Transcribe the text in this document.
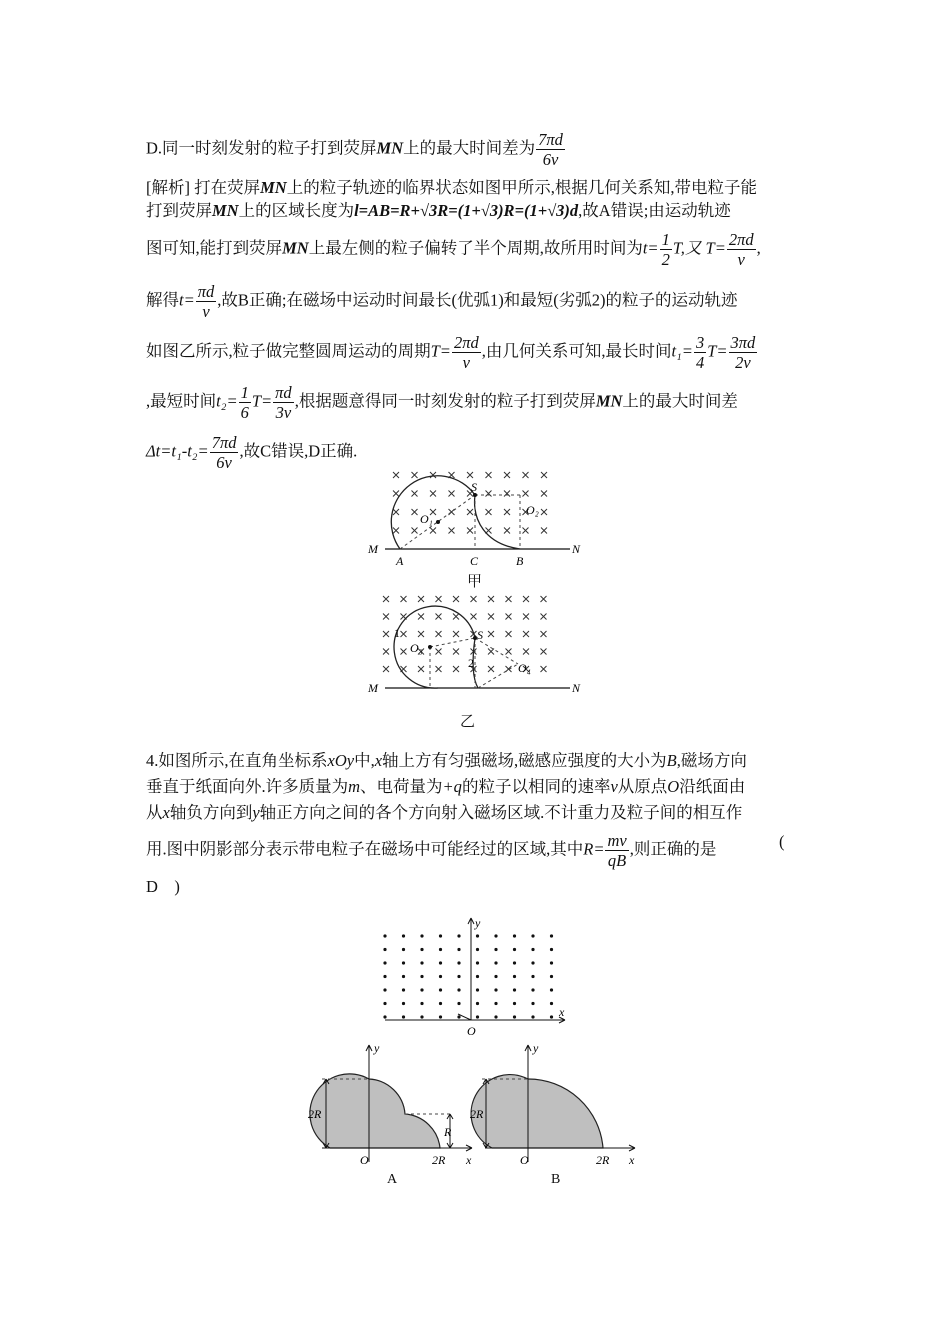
D.同一时刻发射的粒子打到荧屏MN上的最大时间差为 $\frac{7\pi d}{6v}$
[解析] 打在荧屏MN上的粒子轨迹的临界状态如图甲所示,根据几何关系知,带电粒子能
打到荧屏MN上的区域长度为l=AB=R+√3R=(1+√3)R=(1+√3)d,故A错误;由运动轨迹
图可知,能打到荧屏MN上最左侧的粒子偏转了半个周期,故所用时间为$t= \frac{1}{2} T$,又 $T= \frac{2\pi d}{v}$ ,
解得$t= \frac{\pi d}{v}$ ,故B正确;在磁场中运动时间最长(优弧1)和最短(劣弧2)的粒子的运动轨迹
如图乙所示,粒子做完整圆周运动的周期$T= \frac{2\pi d}{v}$ ,由几何关系可知,最长时间$t_1= \frac{3}{4} T= \frac{3\pi d}{2v}$
,最短时间$t_2= \frac{1}{6} T= \frac{\pi d}{3v}$ ,根据题意得同一时刻发射的粒子打到荧屏MN上的最大时间差
$\Delta t=t_1-t_2= \frac{7\pi d}{6v}$ ,故C错误,D正确.
S
O₁
O₂
M	N
A	C	B
甲
S
O₃
O₄
M	N
1
2
乙
4.如图所示,在直角坐标系xOy中,x轴上方有匀强磁场,磁感应强度的大小为B,磁场方向
垂直于纸面向外.许多质量为m、电荷量为+q的粒子以相同的速率v从原点O沿纸面由
从x轴负方向到y轴正方向之间的各个方向射入磁场区域.不计重力及粒子间的相互作
用.图中阴影部分表示带电粒子在磁场中可能经过的区域,其中$R= \frac{mv}{qB}$ ,则正确的是	(
D　)
y
x
O
y
x
O
2R
2R
R
A
y
x
O
2R
2R
B
